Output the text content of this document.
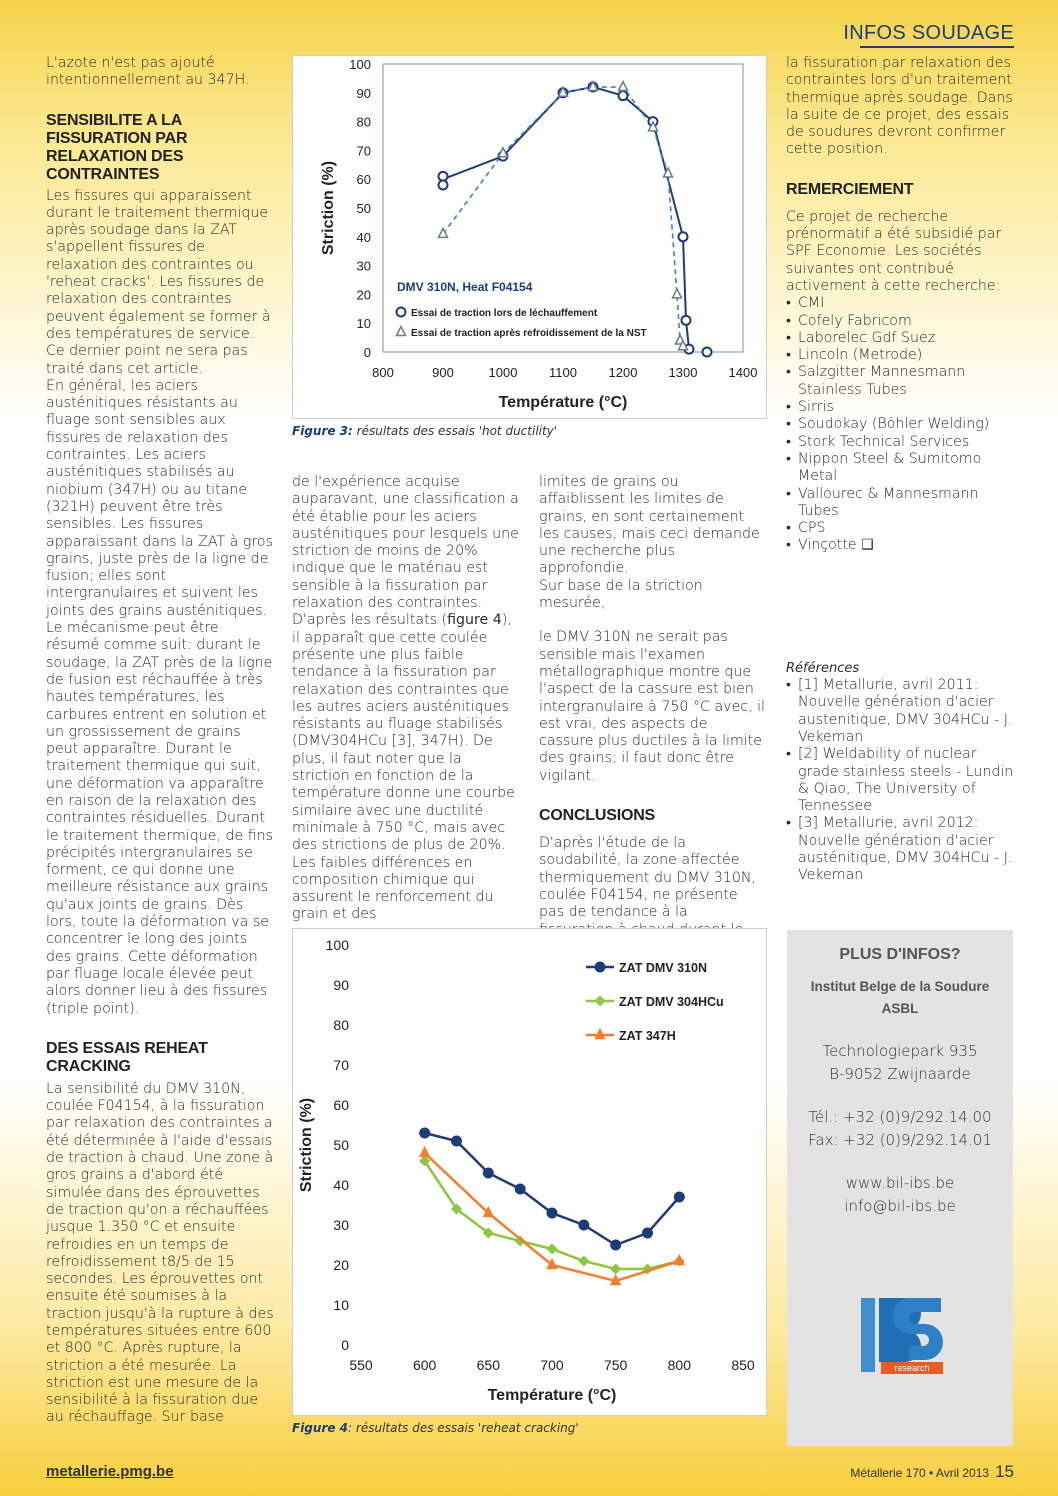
INFOS SOUDAGE

L'azote n'est pas ajouté intentionnellement au 347H.

SENSIBILITE A LA FISSURATION PAR RELAXATION DES CONTRAINTES

Les fissures qui apparaissent durant le traitement thermique après soudage dans la ZAT s'appellent fissures de relaxation des contraintes ou 'reheat cracks'. Les fissures de relaxation des contraintes peuvent également se former à des températures de service. Ce dernier point ne sera pas traité dans cet article.

En général, les aciers austénitiques résistants au fluage sont sensibles aux fissures de relaxation des contraintes. Les aciers austénitiques stabilisés au niobium (347H) ou au titane (321H) peuvent être très sensibles. Les fissures apparaissant dans la ZAT à gros grains, juste près de la ligne de fusion; elles sont intergranulaires et suivent les joints des grains austénitiques.

Le mécanisme peut être résumé comme suit: durant le soudage, la ZAT près de la ligne de fusion est réchauffée à très hautes températures, les carbures entrent en solution et un grossissement de grains peut apparaître. Durant le traitement thermique qui suit, une déformation va apparaître en raison de la relaxation des contraintes résiduelles. Durant le traitement thermique, de fins précipités intergranulaires se forment, ce qui donne une meilleure résistance aux grains qu'aux joints de grains. Dès lors, toute la déformation va se concentrer le long des joints des grains. Cette déformation par fluage locale élevée peut alors donner lieu à des fissures (triple point).

DES ESSAIS REHEAT CRACKING

La sensibilité du DMV 310N, coulée F04154, à la fissuration par relaxation des contraintes a été déterminée à l'aide d'essais de traction à chaud. Une zone à gros grains a d'abord été simulée dans des éprouvettes de traction qu'on a réchauffées jusque 1.350 °C et ensuite refroidies en un temps de refroidissement t8/5 de 15 secondes. Les éprouvettes ont ensuite été soumises à la traction jusqu'à la rupture à des températures situées entre 600 et 800 °C. Après rupture, la striction a été mesurée. La striction est une mesure de la sensibilité à la fissuration due au réchauffage. Sur base

0
10
20
30
40
50
60
70
80
90
100
800	900	1000 1100 1200 1300 1400
Température (°C)
Striction (%)
DMV 310N, Heat F04154
Essai de traction lors de léchauffement
Essai de traction après refroidissement de la NST
Figure 3: résultats des essais 'hot ductility'

de l'expérience acquise auparavant, une classification a été établie pour les aciers austénitiques pour lesquels une striction de moins de 20% indique que le matériau est sensible à la fissuration par relaxation des contraintes.

D'après les résultats (figure 4), il apparaît que cette coulée présente une plus faible tendance à la fissuration par relaxation des contraintes que les autres aciers austénitiques résistants au fluage stabilisés (DMV304HCu [3], 347H). De plus, il faut noter que la striction en fonction de la température donne une courbe similaire avec une ductilité minimale à 750 °C, mais avec des strictions de plus de 20%. Les faibles différences en composition chimique qui assurent le renforcement du grain et des

limites de grains ou affaiblissent les limites de grains, en sont certainement les causes, mais ceci demande une recherche plus approfondie.

Sur base de la striction mesurée,

le DMV 310N ne serait pas sensible mais l'examen métallographique montre que l'aspect de la cassure est bien intergranulaire à 750 °C avec, il est vrai, des aspects de cassure plus ductiles à la limite des grains; il faut donc être vigilant.

CONCLUSIONS

D'après l'étude de la soudabilité, la zone affectée thermiquement du DMV 310N, coulée F04154, ne présente pas de tendance à la

0
10
20
30
40
50
60
70
80
90
100
550	600	650	700	750	800	850
Température (°C)
Striction (%)
ZAT DMV 310N
ZAT DMV 304HCu
ZAT 347H
Figure 4: résultats des essais 'reheat cracking'

la fissuration par relaxation des contraintes lors d'un traitement thermique après soudage. Dans la suite de ce projet, des essais de soudures devront confirmer cette position.

REMERCIEMENT

Ce projet de recherche prénormatif a été subsidié par SPF Economie. Les sociétés suivantes ont contribué activement à cette recherche:

• CMI
• Cofely Fabricom
• Laborelec Gdf Suez
• Lincoln (Metrode)
• Salzgitter Mannesmann Stainless Tubes
• Sirris
• Soudokay (Böhler Welding)
• Stork Technical Services
• Nippon Steel & Sumitomo Metal
• Vallourec & Mannesmann Tubes
• CPS
• Vinçotte ❑

Références

• [1] Metallurie, avril 2011: Nouvelle génération d'acier austenitique, DMV 304HCu - J. Vekeman
• [2] Weldability of nuclear grade stainless steels - Lundin & Qiao, The University of Tennessee
• [3] Metallurie, avril 2012: Nouvelle génération d'acier austénitique, DMV 304HCu - J. Vekeman
PLUS D'INFOS?
Institut Belge de la Soudure
ASBL
Technologiepark 935
B-9052 Zwijnaarde
Tél.: +32 (0)9/292.14.00
Fax: +32 (0)9/292.14.01
www.bil-ibs.be
info@bil-ibs.be
research
metallerie.pmg.be	Métallerie 170 • Avril 2013 15
